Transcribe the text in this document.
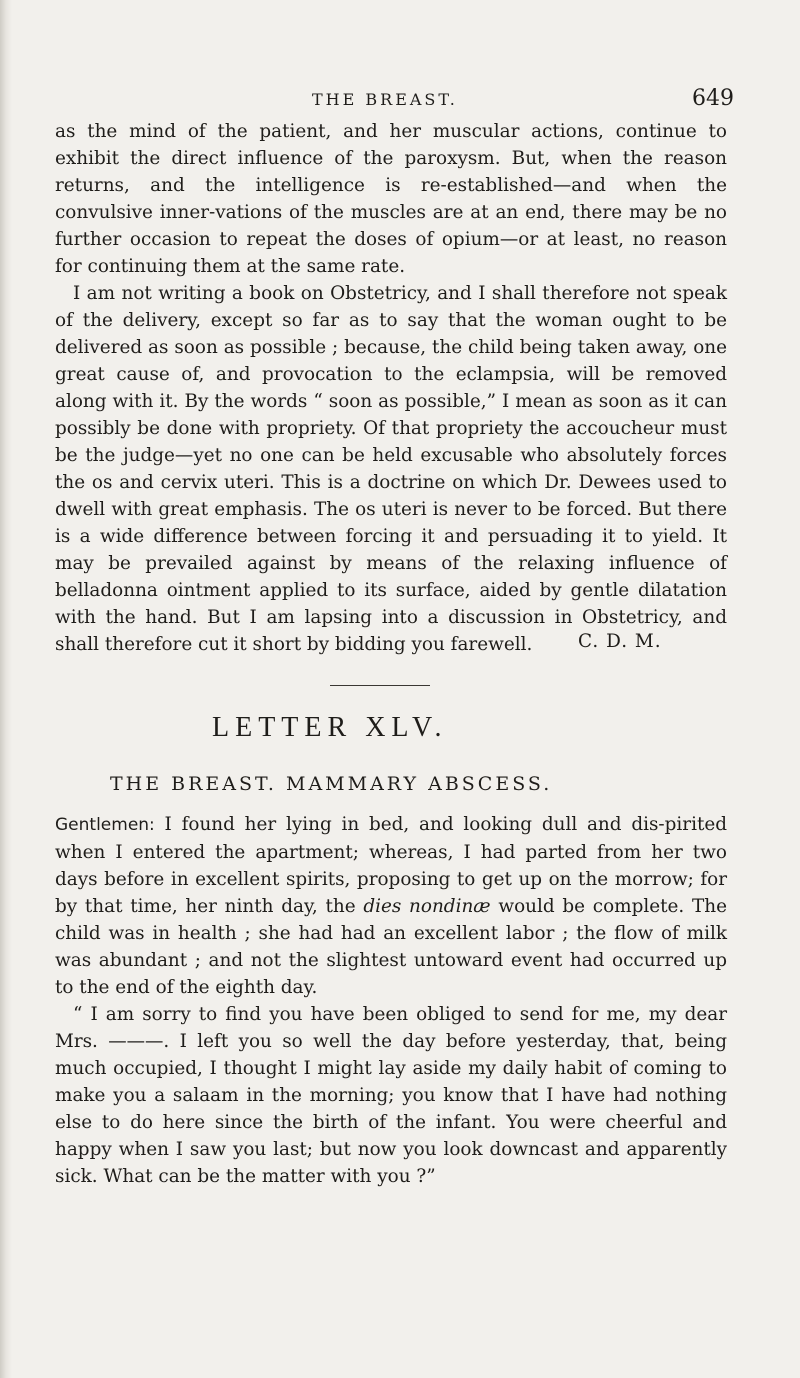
THE BREAST.	649

as the mind of the patient, and her muscular actions, continue to exhibit the direct influence of the paroxysm. But, when the reason returns, and the intelligence is re-established—and when the convulsive inner-vations of the muscles are at an end, there may be no further occasion to repeat the doses of opium—or at least, no reason for continuing them at the same rate.

I am not writing a book on Obstetricy, and I shall therefore not speak of the delivery, except so far as to say that the woman ought to be delivered as soon as possible ; because, the child being taken away, one great cause of, and provocation to the eclampsia, will be removed along with it. By the words “ soon as possible,” I mean as soon as it can possibly be done with propriety. Of that propriety the accoucheur must be the judge—yet no one can be held excusable who absolutely forces the os and cervix uteri. This is a doctrine on which Dr. Dewees used to dwell with great emphasis. The os uteri is never to be forced. But there is a wide difference between forcing it and persuading it to yield. It may be prevailed against by means of the relaxing influence of belladonna ointment applied to its surface, aided by gentle dilatation with the hand. But I am lapsing into a discussion in Obstetricy, and shall therefore cut it short by bidding you farewell.	C. D. M.
LETTER XLV.
THE BREAST. MAMMARY ABSCESS.

Gentlemen: I found her lying in bed, and looking dull and dis-pirited when I entered the apartment; whereas, I had parted from her two days before in excellent spirits, proposing to get up on the morrow; for by that time, her ninth day, the dies nondinæ would be complete. The child was in health ; she had had an excellent labor ; the flow of milk was abundant ; and not the slightest untoward event had occurred up to the end of the eighth day.

“ I am sorry to find you have been obliged to send for me, my dear Mrs. ———. I left you so well the day before yesterday, that, being much occupied, I thought I might lay aside my daily habit of coming to make you a salaam in the morning; you know that I have had nothing else to do here since the birth of the infant. You were cheerful and happy when I saw you last; but now you look downcast and apparently sick. What can be the matter with you ?”
